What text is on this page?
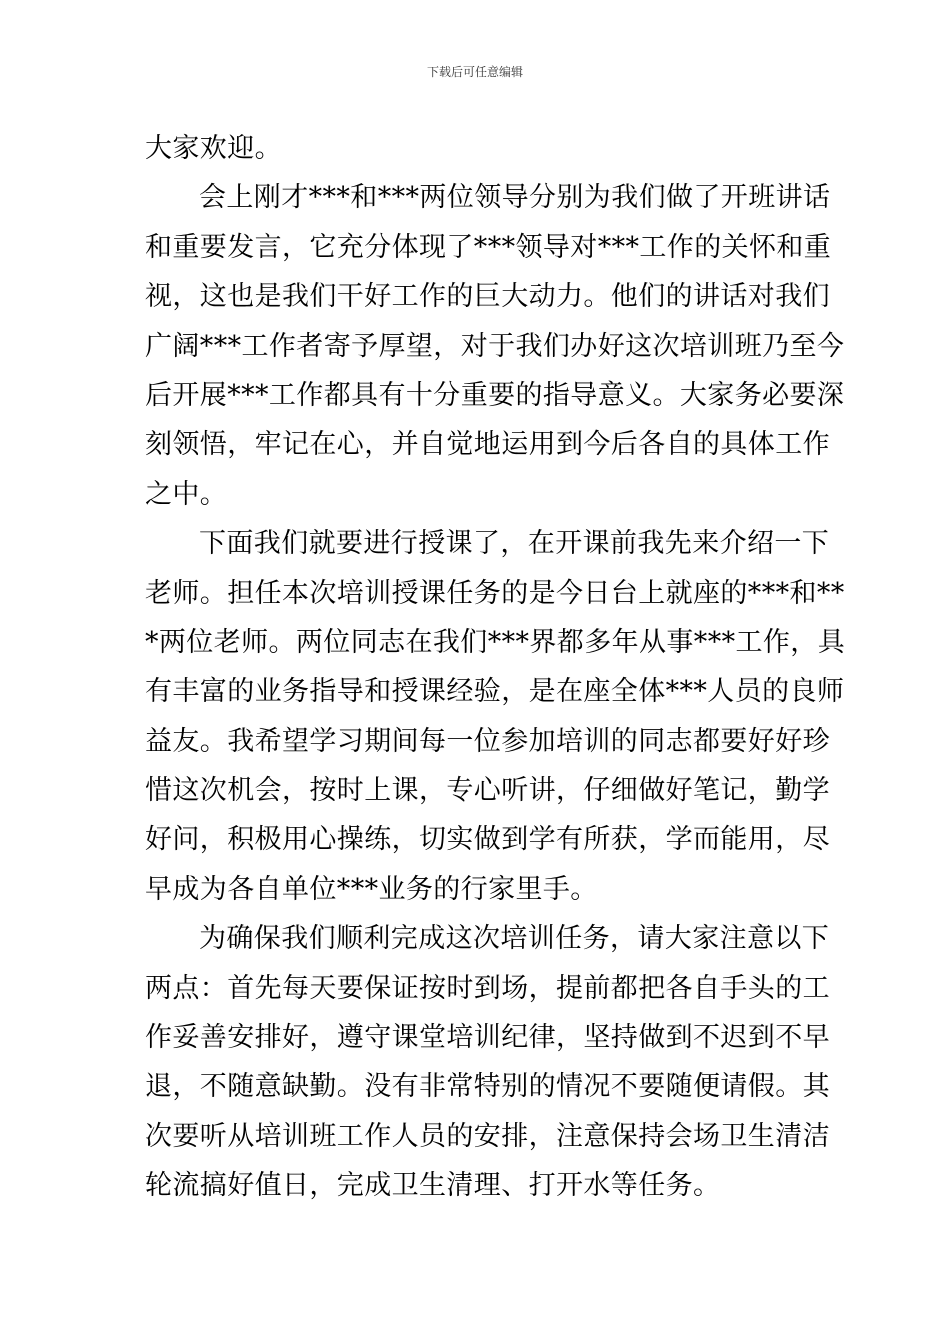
下载后可任意编辑
大家欢迎。
会上刚才***和***两位领导分别为我们做了开班讲话
和重要发言，它充分体现了***领导对***工作的关怀和重
视，这也是我们干好工作的巨大动力。他们的讲话对我们
广阔***工作者寄予厚望，对于我们办好这次培训班乃至今
后开展***工作都具有十分重要的指导意义。大家务必要深
刻领悟，牢记在心，并自觉地运用到今后各自的具体工作
之中。
下面我们就要进行授课了，在开课前我先来介绍一下
老师。担任本次培训授课任务的是今日台上就座的***和**
*两位老师。两位同志在我们***界都多年从事***工作，具
有丰富的业务指导和授课经验，是在座全体***人员的良师
益友。我希望学习期间每一位参加培训的同志都要好好珍
惜这次机会，按时上课，专心听讲，仔细做好笔记，勤学
好问，积极用心操练，切实做到学有所获，学而能用，尽
早成为各自单位***业务的行家里手。
为确保我们顺利完成这次培训任务，请大家注意以下
两点：首先每天要保证按时到场，提前都把各自手头的工
作妥善安排好，遵守课堂培训纪律，坚持做到不迟到不早
退，不随意缺勤。没有非常特别的情况不要随便请假。其
次要听从培训班工作人员的安排，注意保持会场卫生清洁
轮流搞好值日，完成卫生清理、打开水等任务。
